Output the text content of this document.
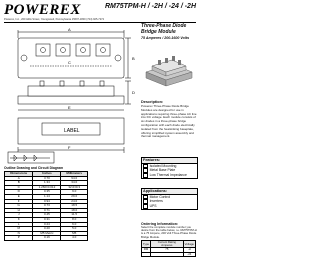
POWEREX	RM75TPM-H / -2H / -24 / -2H
Powerex, Inc., 200 Hillis Street, Youngwood, Pennsylvania 15697-1800 (724) 925-7272
Three-Phase Diode Bridge Module
75 Amperes / 200-1600 Volts
Description:
Powerex Three-Phase Diode Bridge Modules are designed for use in applications requiring three-phase AC line into DC voltage. Each module consists of six diodes in a three-phase bridge configuration with each diode electrically isolated from the heatsinking baseplate, offering simplified system assembly and thermal management.
Features:
Isolated Mounting
Metal Base Plate
Low Thermal Impedance
Applications:
Motor Control
Inverters
UPS
Ordering Information:
Select the complete module number you desire from the table below, i.e. RM75TPM-H is a 75 Ampere, 200 Volt Three-Phase Diode Bridge Module.
Type	Current Rating Amperes	Voltage
RM	75	-H
		-24
A
B
C
D
E
LABEL
F
Outline Drawing and Circuit Diagram
Dimensions	Inches	Millimeters
A	3.70	94.0
B	1.34	34.0
C	1.260±0.012	32.0±0.3
D	0.35	9.0
E	1.14	29.0
F	0.94	24.0
G	0.73	18.5
H	0.71	18.0
J	0.45	11.5
K	0.31	8.0
L	0.24	6.0
M	0.20	5.0
N	M5 Metric	M5
P	0.16	4.0
